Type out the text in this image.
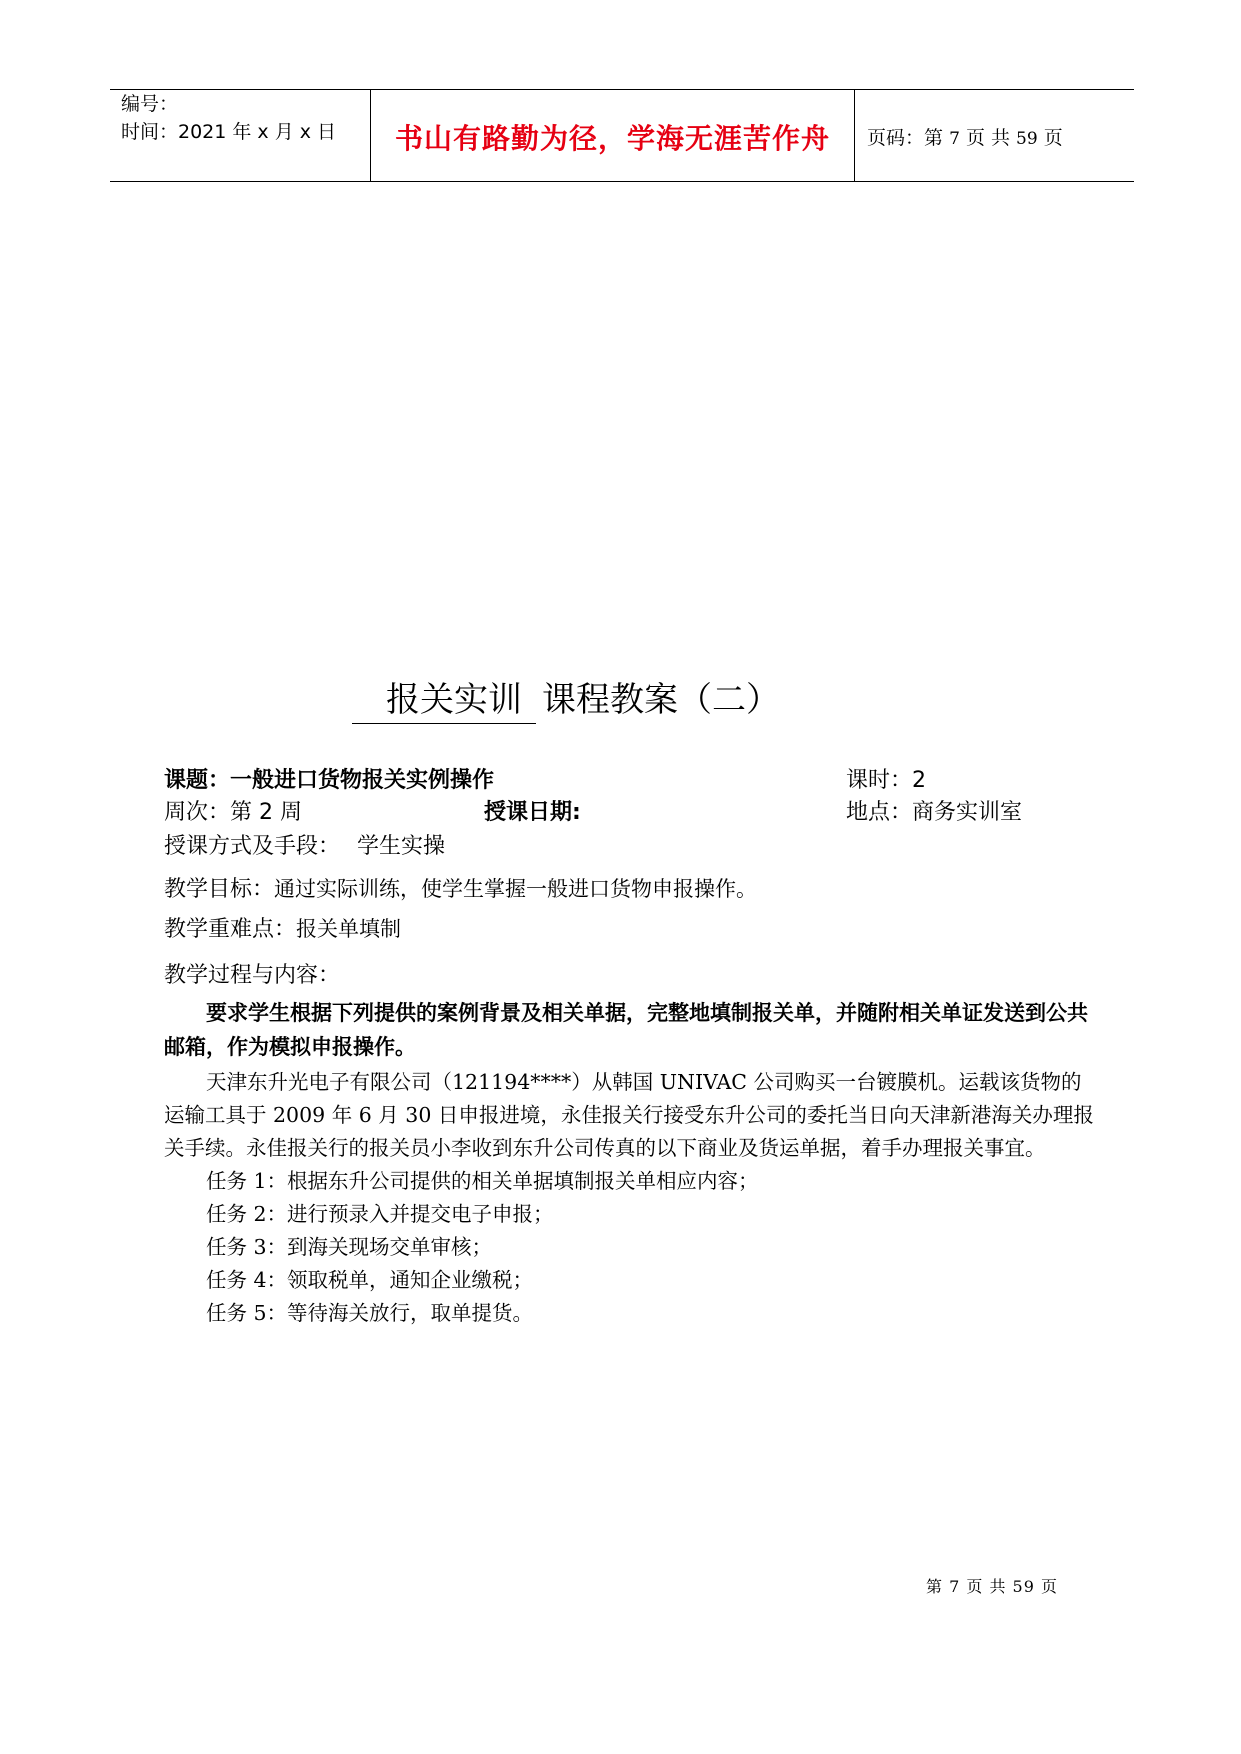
编号：
时间：2021 年 x 月 x 日 书山有路勤为径，学海无涯苦作舟 页码：第 7 页 共 59 页
报关实训 课程教案（二）
课题：一般进口货物报关实例操作	课时：2
周次：第 2 周	授课日期:	地点：商务实训室
授课方式及手段： 学生实操
教学目标：通过实际训练，使学生掌握一般进口货物申报操作。
教学重难点：报关单填制
教学过程与内容：
要求学生根据下列提供的案例背景及相关单据，完整地填制报关单，并随附相关单证发送到公共邮箱，作为模拟申报操作。
天津东升光电子有限公司（121194****）从韩国 UNIVAC 公司购买一台镀膜机。运载该货物的运输工具于 2009 年 6 月 30 日申报进境，永佳报关行接受东升公司的委托当日向天津新港海关办理报关手续。永佳报关行的报关员小李收到东升公司传真的以下商业及货运单据，着手办理报关事宜。
任务 1：根据东升公司提供的相关单据填制报关单相应内容；
任务 2：进行预录入并提交电子申报；
任务 3：到海关现场交单审核；
任务 4：领取税单，通知企业缴税；
任务 5：等待海关放行，取单提货。
第 7 页 共 59 页
